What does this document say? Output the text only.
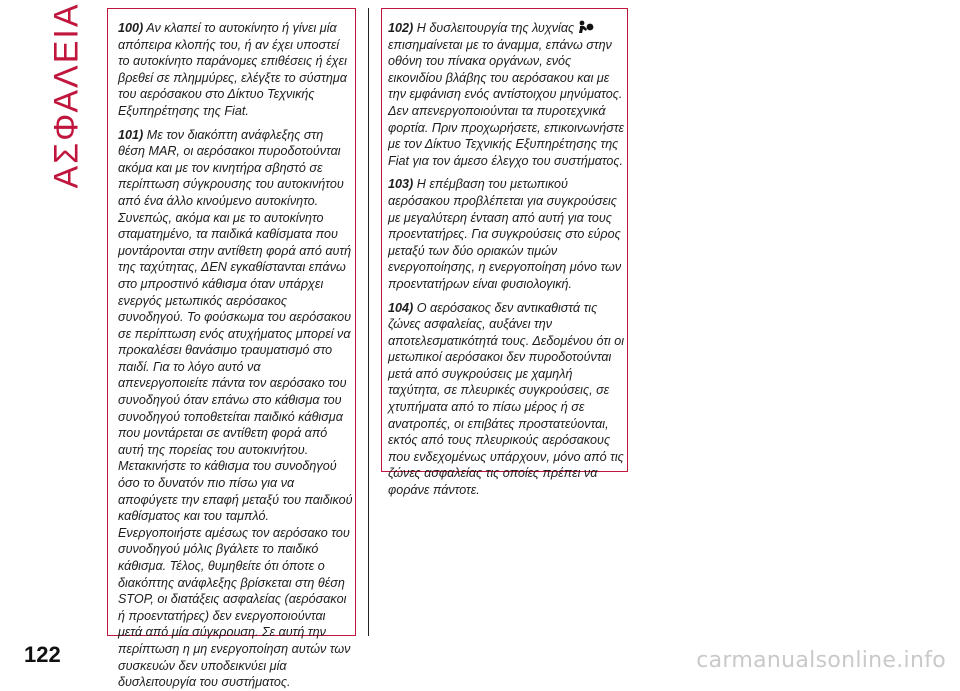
ΑΣΦΑΛΕΙΑ	100) Αν κλαπεί το αυτοκίνητο ή γίνει μία απόπειρα κλοπής του, ή αν έχει υποστεί το αυτοκίνητο παράνομες επιθέσεις ή έχει βρεθεί σε πλημμύρες, ελέγξτε το σύστημα του αερόσακου στο Δίκτυο Τεχνικής Εξυπηρέτησης της Fiat.

101) Με τον διακόπτη ανάφλεξης στη θέση MAR, οι αερόσακοι πυροδοτούνται ακόμα και με τον κινητήρα σβηστό σε περίπτωση σύγκρουσης του αυτοκινήτου από ένα άλλο κινούμενο αυτοκίνητο. Συνεπώς, ακόμα και με το αυτοκίνητο σταματημένο, τα παιδικά καθίσματα που μοντάρονται στην αντίθετη φορά από αυτή της ταχύτητας, ΔΕΝ εγκαθίστανται επάνω στο μπροστινό κάθισμα όταν υπάρχει ενεργός μετωπικός αερόσακος συνοδηγού. Το φούσκωμα του αερόσακου σε περίπτωση ενός ατυχήματος μπορεί να προκαλέσει θανάσιμο τραυματισμό στο παιδί. Για το λόγο αυτό να απενεργοποιείτε πάντα τον αερόσακο του συνοδηγού όταν επάνω στο κάθισμα του συνοδηγού τοποθετείται παιδικό κάθισμα που μοντάρεται σε αντίθετη φορά από αυτή της πορείας του αυτοκινήτου. Μετακινήστε το κάθισμα του συνοδηγού όσο το δυνατόν πιο πίσω για να αποφύγετε την επαφή μεταξύ του παιδικού καθίσματος και του ταμπλό. Ενεργοποιήστε αμέσως τον αερόσακο του συνοδηγού μόλις βγάλετε το παιδικό κάθισμα. Τέλος, θυμηθείτε ότι όποτε ο διακόπτης ανάφλεξης βρίσκεται στη θέση STOP, οι διατάξεις ασφαλείας (αερόσακοι ή προεντατήρες) δεν ενεργοποιούνται μετά από μία σύγκρουση. Σε αυτή την περίπτωση η μη ενεργοποίηση αυτών των συσκευών δεν υποδεικνύει μία δυσλειτουργία του συστήματος.

102) Η δυσλειτουργία της λυχνίας επισημαίνεται με το άναμμα, επάνω στην οθόνη του πίνακα οργάνων, ενός εικονιδίου βλάβης του αερόσακου και με την εμφάνιση ενός αντίστοιχου μηνύματος. Δεν απενεργοποιούνται τα πυροτεχνικά φορτία. Πριν προχωρήσετε, επικοινωνήστε με τον Δίκτυο Τεχνικής Εξυπηρέτησης της Fiat για τον άμεσο έλεγχο του συστήματος.

103) Η επέμβαση του μετωπικού αερόσακου προβλέπεται για συγκρούσεις με μεγαλύτερη ένταση από αυτή για τους προεντατήρες. Για συγκρούσεις στο εύρος μεταξύ των δύο οριακών τιμών ενεργοποίησης, η ενεργοποίηση μόνο των προεντατήρων είναι φυσιολογική.

104) Ο αερόσακος δεν αντικαθιστά τις ζώνες ασφαλείας, αυξάνει την αποτελεσματικότητά τους. Δεδομένου ότι οι μετωπικοί αερόσακοι δεν πυροδοτούνται μετά από συγκρούσεις με χαμηλή ταχύτητα, σε πλευρικές συγκρούσεις, σε χτυπήματα από το πίσω μέρος ή σε ανατροπές, οι επιβάτες προστατεύονται, εκτός από τους πλευρικούς αερόσακους που ενδεχομένως υπάρχουν, μόνο από τις ζώνες ασφαλείας τις οποίες πρέπει να φοράνε πάντοτε.

122	carmanualsonline.info
